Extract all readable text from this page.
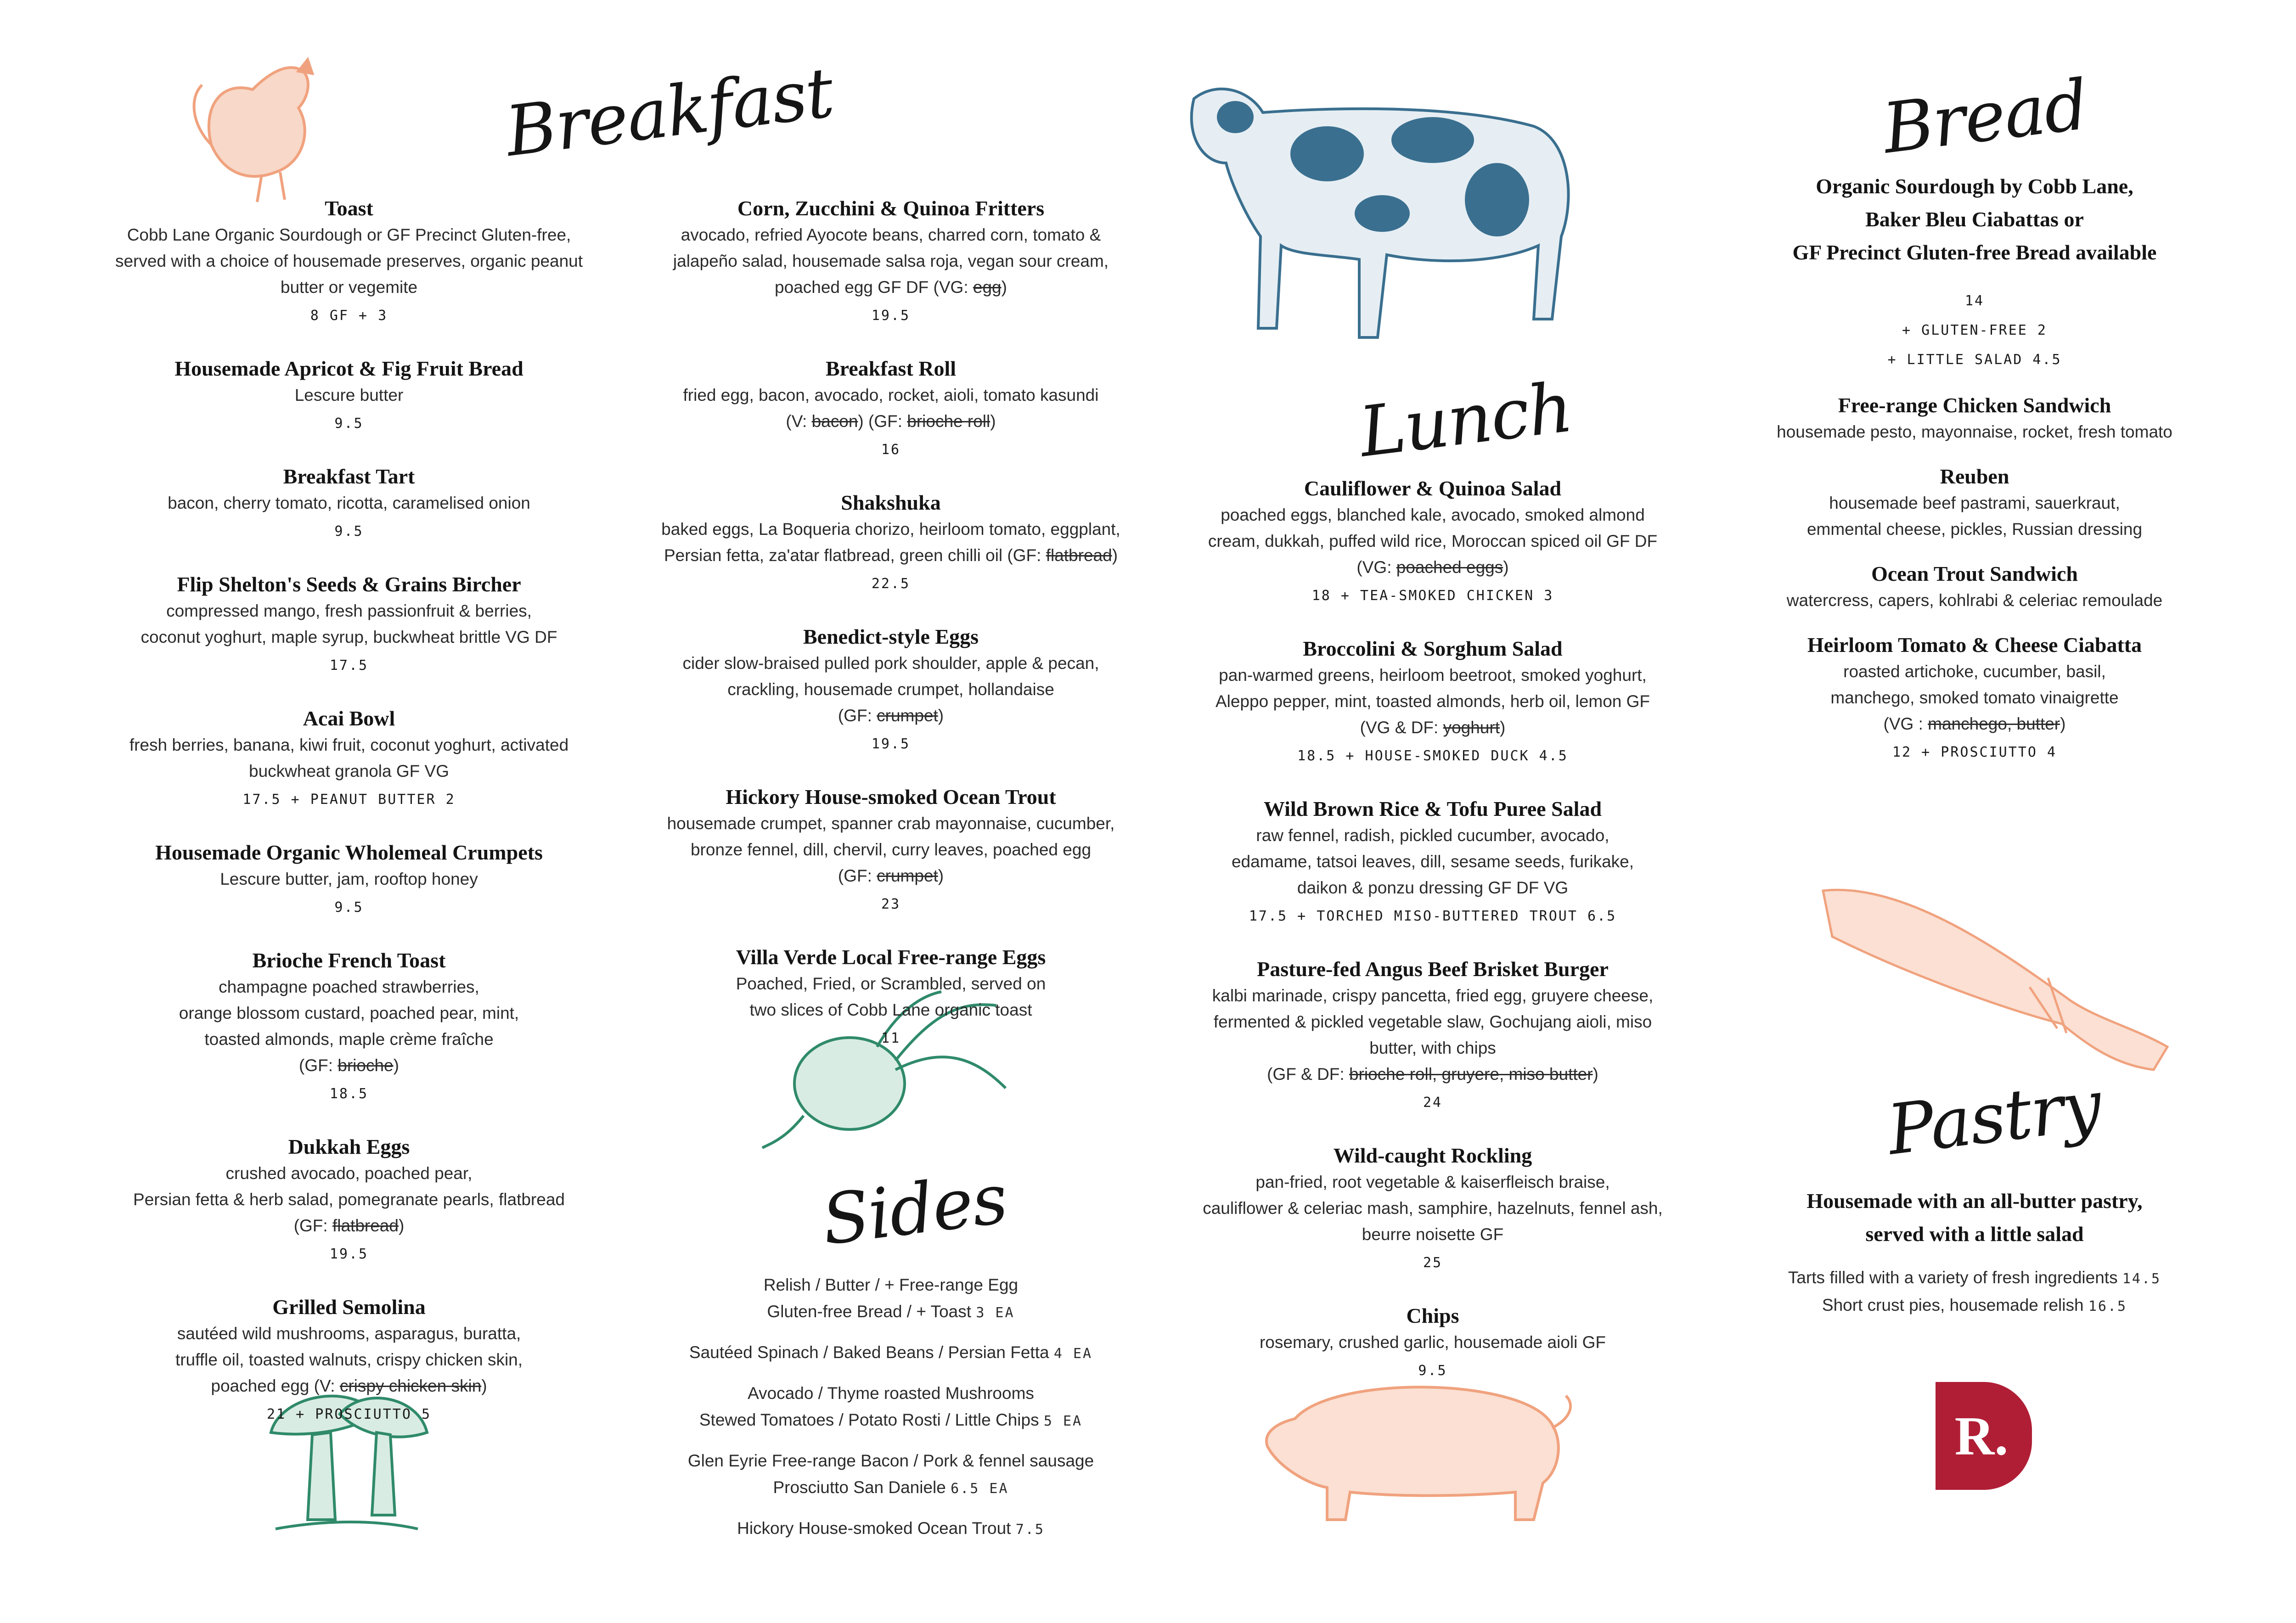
Breakfast
Lunch
Bread
Sides
Pastry
Toast
Cobb Lane Organic Sourdough or GF Precinct Gluten-free,
served with a choice of housemade preserves, organic peanut
butter or vegemite
8 GF + 3
Housemade Apricot & Fig Fruit Bread
Lescure butter
9.5
Breakfast Tart
bacon, cherry tomato, ricotta, caramelised onion
9.5
Flip Shelton's Seeds & Grains Bircher
compressed mango, fresh passionfruit & berries,
coconut yoghurt, maple syrup, buckwheat brittle VG DF
17.5
Acai Bowl
fresh berries, banana, kiwi fruit, coconut yoghurt, activated
buckwheat granola GF VG
17.5 + PEANUT BUTTER 2
Housemade Organic Wholemeal Crumpets
Lescure butter, jam, rooftop honey
9.5
Brioche French Toast
champagne poached strawberries,
orange blossom custard, poached pear, mint,
toasted almonds, maple crème fraîche
(GF: brioche)
18.5
Dukkah Eggs
crushed avocado, poached pear,
Persian fetta & herb salad, pomegranate pearls, flatbread
(GF: flatbread)
19.5
Grilled Semolina
sautéed wild mushrooms, asparagus, buratta,
truffle oil, toasted walnuts, crispy chicken skin,
poached egg (V: crispy chicken skin)
21 + PROSCIUTTO 5
Corn, Zucchini & Quinoa Fritters
avocado, refried Ayocote beans, charred corn, tomato &
jalapeño salad, housemade salsa roja, vegan sour cream,
poached egg GF DF (VG: egg)
19.5
Breakfast Roll
fried egg, bacon, avocado, rocket, aioli, tomato kasundi
(V: bacon) (GF: brioche roll)
16
Shakshuka
baked eggs, La Boqueria chorizo, heirloom tomato, eggplant,
Persian fetta, za'atar flatbread, green chilli oil (GF: flatbread)
22.5
Benedict-style Eggs
cider slow-braised pulled pork shoulder, apple & pecan,
crackling, housemade crumpet, hollandaise
(GF: crumpet)
19.5
Hickory House-smoked Ocean Trout
housemade crumpet, spanner crab mayonnaise, cucumber,
bronze fennel, dill, chervil, curry leaves, poached egg
(GF: crumpet)
23
Villa Verde Local Free-range Eggs
Poached, Fried, or Scrambled, served on
two slices of Cobb Lane organic toast
11
Relish / Butter / + Free-range Egg
Gluten-free Bread / + Toast 3 EA
Sautéed Spinach / Baked Beans / Persian Fetta 4 EA
Avocado / Thyme roasted Mushrooms
Stewed Tomatoes / Potato Rosti / Little Chips 5 EA
Glen Eyrie Free-range Bacon / Pork & fennel sausage
Prosciutto San Daniele 6.5 EA
Hickory House-smoked Ocean Trout 7.5
Cauliflower & Quinoa Salad
poached eggs, blanched kale, avocado, smoked almond
cream, dukkah, puffed wild rice, Moroccan spiced oil GF DF
(VG: poached eggs)
18 + TEA-SMOKED CHICKEN 3
Broccolini & Sorghum Salad
pan-warmed greens, heirloom beetroot, smoked yoghurt,
Aleppo pepper, mint, toasted almonds, herb oil, lemon GF
(VG & DF: yoghurt)
18.5 + HOUSE-SMOKED DUCK 4.5
Wild Brown Rice & Tofu Puree Salad
raw fennel, radish, pickled cucumber, avocado,
edamame, tatsoi leaves, dill, sesame seeds, furikake,
daikon & ponzu dressing GF DF VG
17.5 + TORCHED MISO-BUTTERED TROUT 6.5
Pasture-fed Angus Beef Brisket Burger
kalbi marinade, crispy pancetta, fried egg, gruyere cheese,
fermented & pickled vegetable slaw, Gochujang aioli, miso
butter, with chips
(GF & DF: brioche roll, gruyere, miso butter)
24
Wild-caught Rockling
pan-fried, root vegetable & kaiserfleisch braise,
cauliflower & celeriac mash, samphire, hazelnuts, fennel ash,
beurre noisette GF
25
Chips
rosemary, crushed garlic, housemade aioli GF
9.5
Organic Sourdough by Cobb Lane,
Baker Bleu Ciabattas or
GF Precinct Gluten-free Bread available
14
+ GLUTEN-FREE 2
+ LITTLE SALAD 4.5
Free-range Chicken Sandwich
housemade pesto, mayonnaise, rocket, fresh tomato
Reuben
housemade beef pastrami, sauerkraut,
emmental cheese, pickles, Russian dressing
Ocean Trout Sandwich
watercress, capers, kohlrabi & celeriac remoulade
Heirloom Tomato & Cheese Ciabatta
roasted artichoke, cucumber, basil,
manchego, smoked tomato vinaigrette
(VG : manchego, butter)
12 + PROSCIUTTO 4
Housemade with an all-butter pastry,
served with a little salad
Tarts filled with a variety of fresh ingredients 14.5
Short crust pies, housemade relish 16.5
R.
